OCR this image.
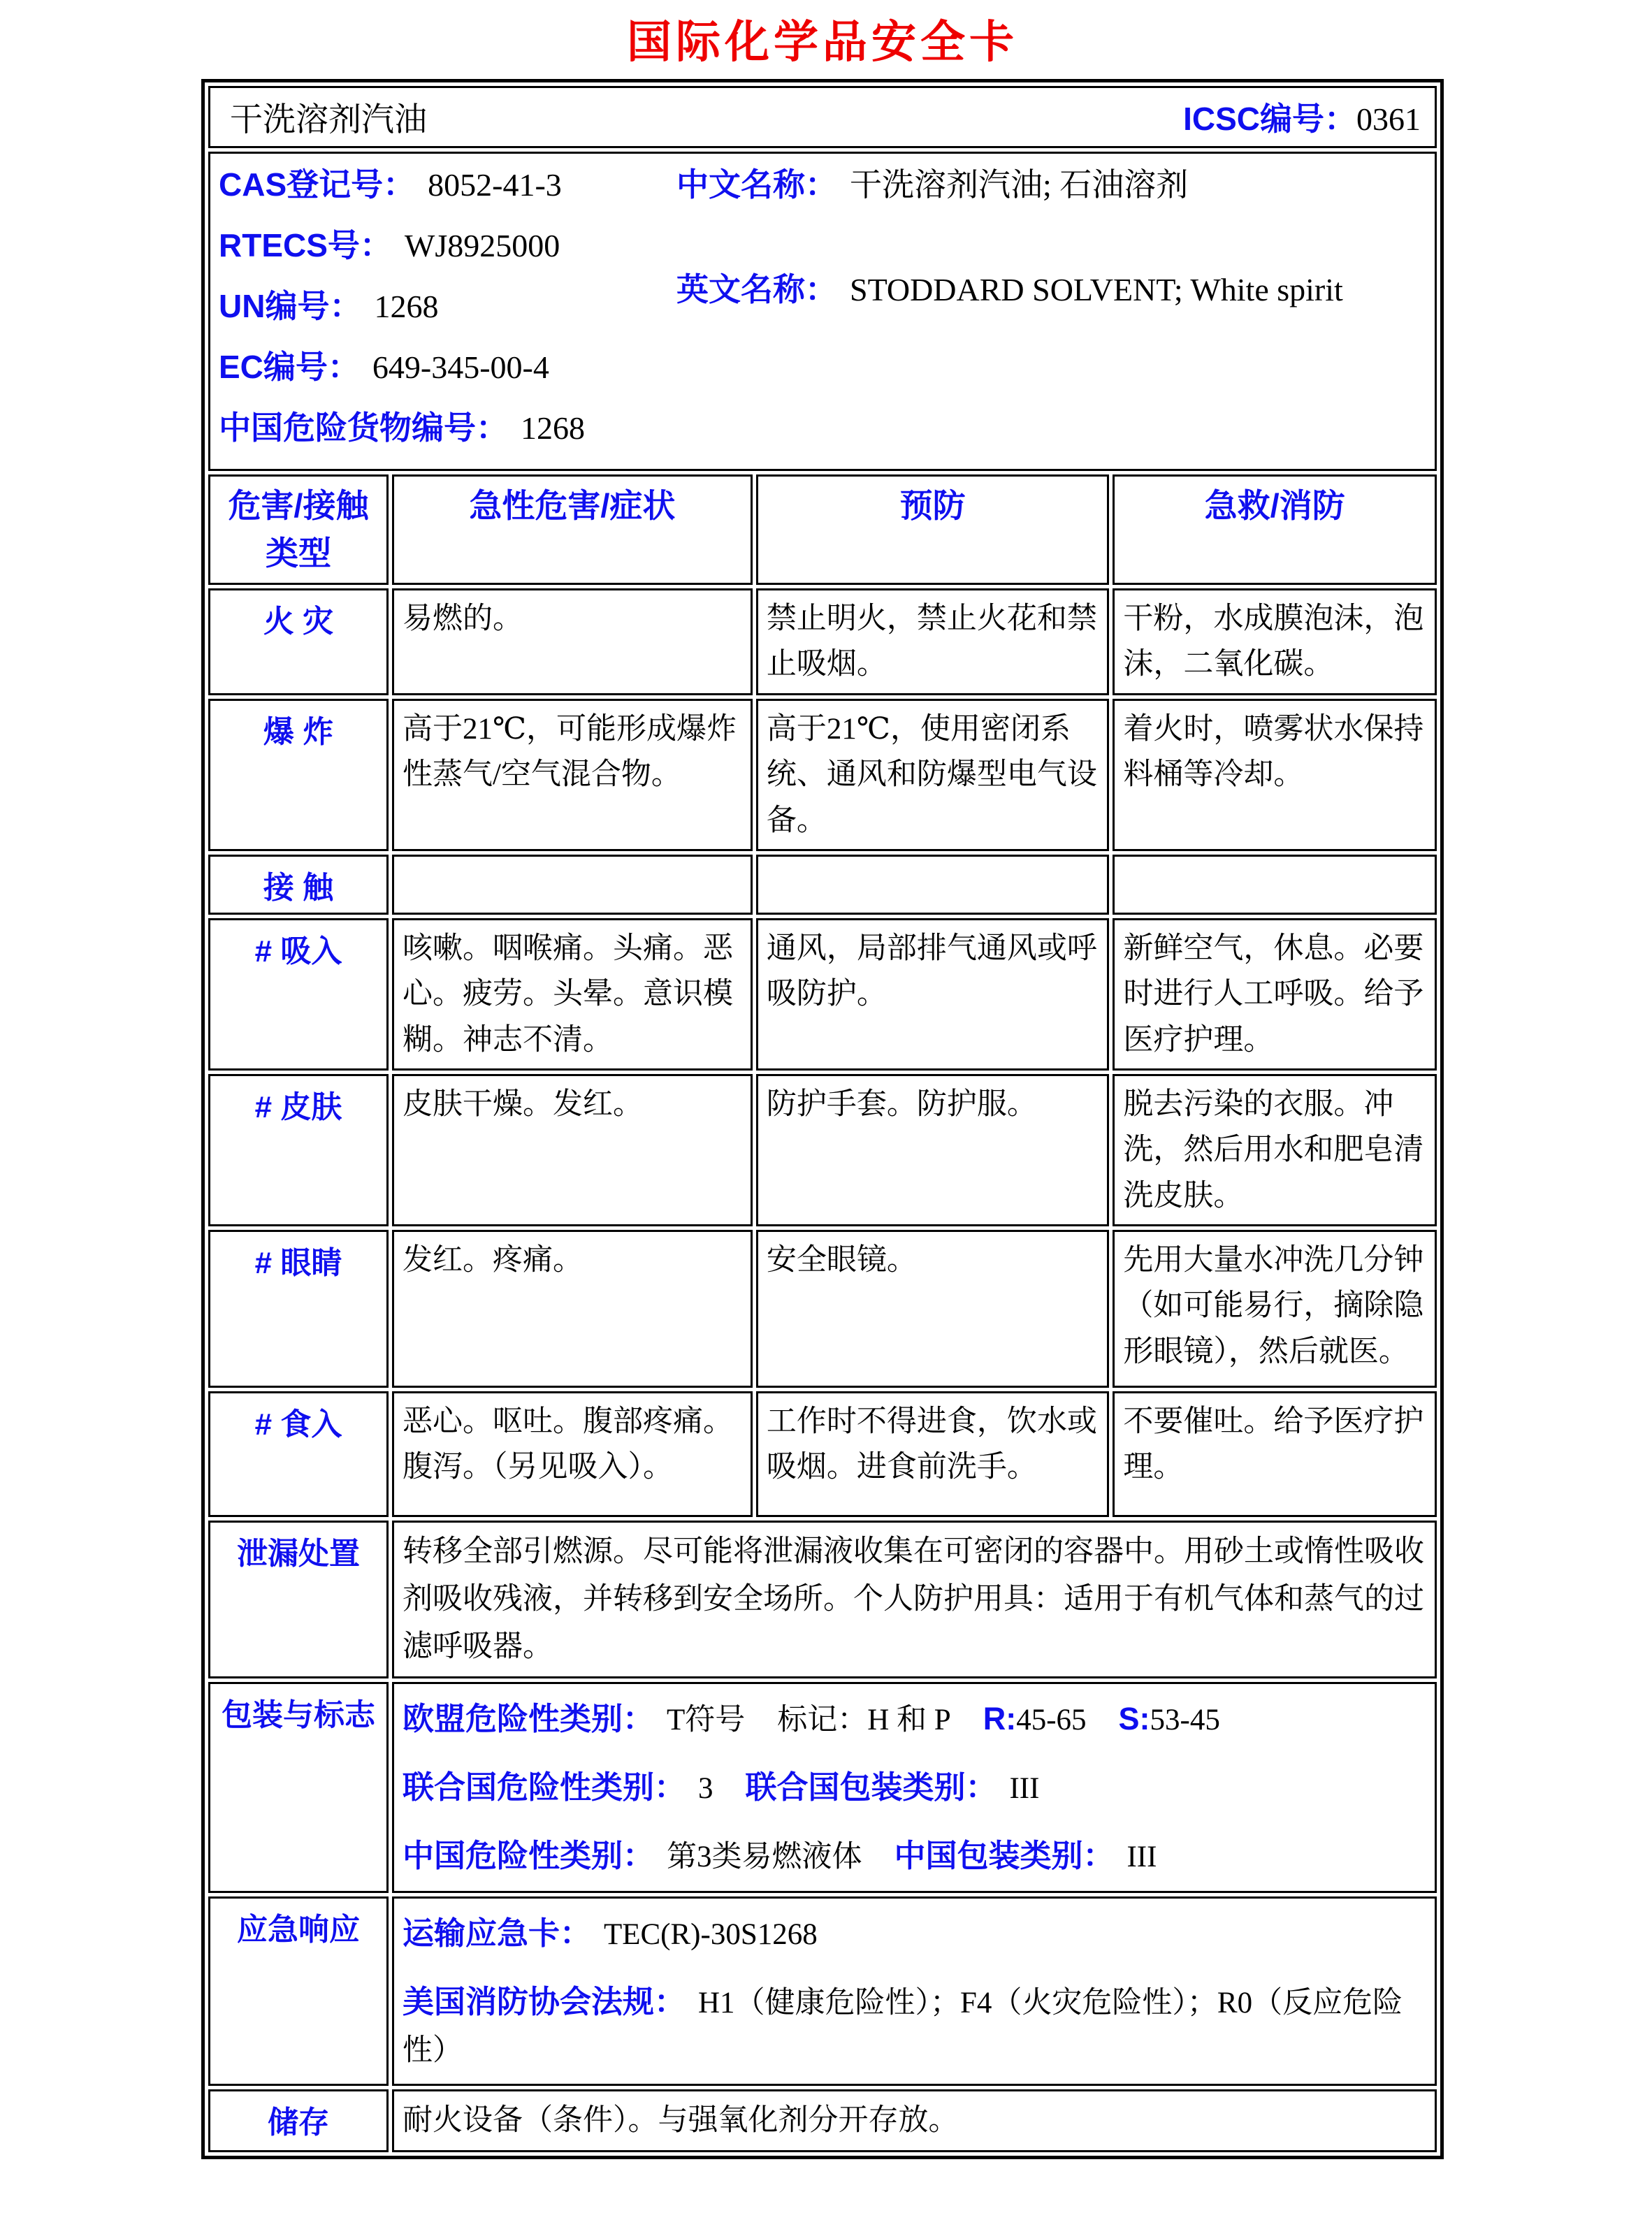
国际化学品安全卡
干洗溶剂汽油 ICSC编号：0361			

CAS登记号： 8052-41-3
RTECS号： WJ8925000
UN编号： 1268
EC编号： 649-345-00-4
中国危险货物编号： 1268
中文名称： 干洗溶剂汽油; 石油溶剂
英文名称： STODDARD SOLVENT; White spirit

危害/接触 类型	急性危害/症状	预防	急救/消防
火 灾	易燃的。	禁止明火，禁止火花和禁止吸烟。	干粉，水成膜泡沫，泡沫，二氧化碳。
爆 炸	高于21℃，可能形成爆炸性蒸气/空气混合物。	高于21℃，使用密闭系统、通风和防爆型电气设备。	着火时，喷雾状水保持料桶等冷却。
接 触			
# 吸入	咳嗽。咽喉痛。头痛。恶心。疲劳。头晕。意识模糊。神志不清。	通风，局部排气通风或呼吸防护。	新鲜空气，休息。必要时进行人工呼吸。给予医疗护理。
# 皮肤	皮肤干燥。发红。	防护手套。防护服。	脱去污染的衣服。冲洗，然后用水和肥皂清洗皮肤。
# 眼睛	发红。疼痛。	安全眼镜。	先用大量水冲洗几分钟（如可能易行，摘除隐形眼镜），然后就医。
# 食入	恶心。呕吐。腹部疼痛。腹泻。（另见吸入）。	工作时不得进食，饮水或吸烟。进食前洗手。	不要催吐。给予医疗护理。
泄漏处置	转移全部引燃源。尽可能将泄漏液收集在可密闭的容器中。用砂土或惰性吸收剂吸收残液，并转移到安全场所。个人防护用具：适用于有机气体和蒸气的过滤呼吸器。		
包装与标志	欧盟危险性类别： T符号 标记：H 和 P R:45-65 S:53-45
联合国危险性类别： 3 联合国包装类别： III
中国危险性类别： 第3类易燃液体 中国包装类别： III		

应急响应	运输应急卡： TEC(R)-30S1268
美国消防协会法规： H1（健康危险性）；F4（火灾危险性）；R0（反应危险性）		

储存	耐火设备（条件）。与强氧化剂分开存放。		
